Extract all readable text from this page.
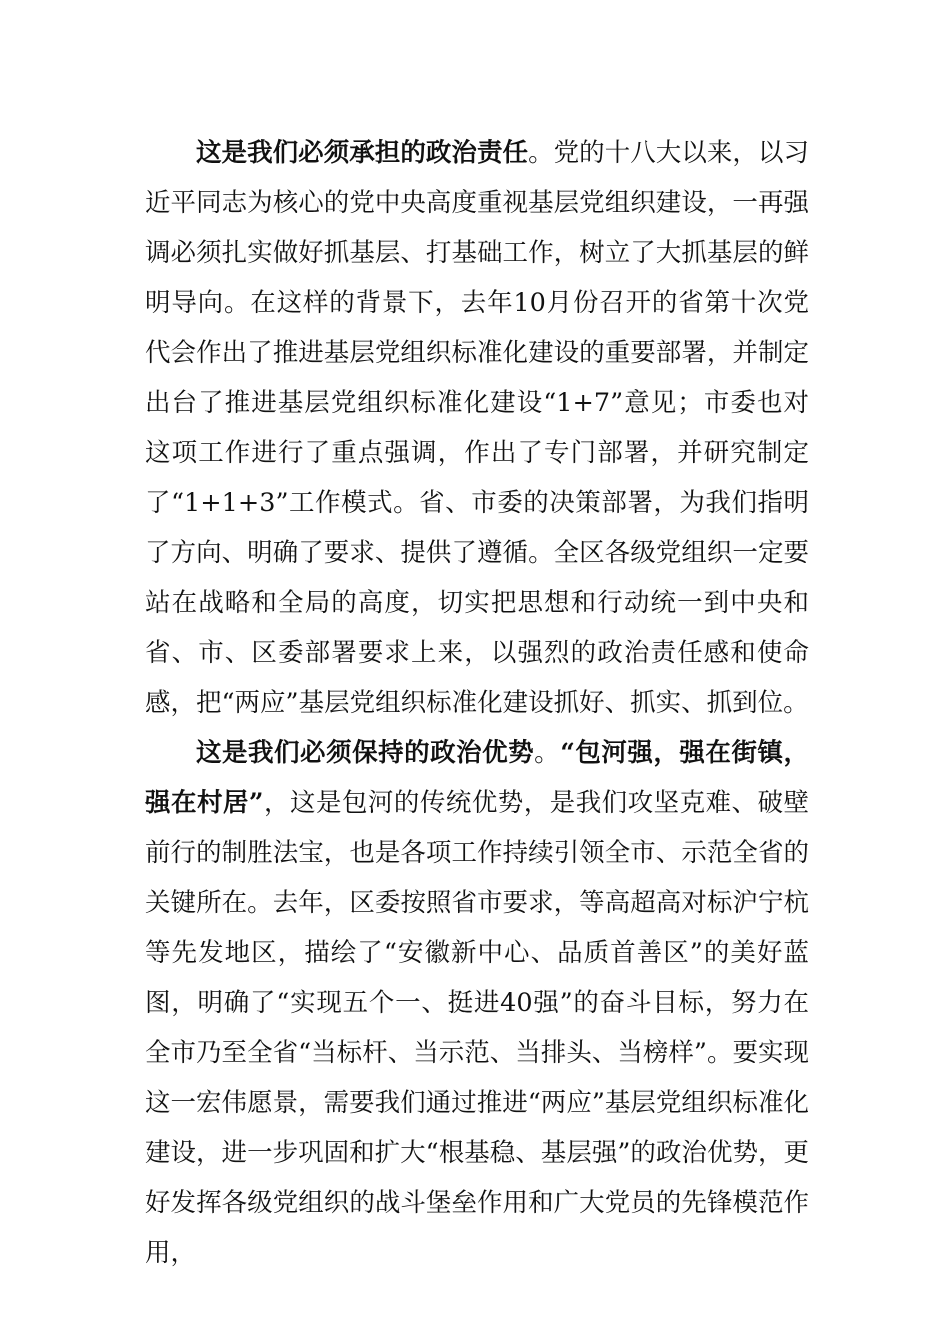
这是我们必须承担的政治责任。党的十八大以来，以习近平同志为核心的党中央高度重视基层党组织建设，一再强调必须扎实做好抓基层、打基础工作，树立了大抓基层的鲜明导向。在这样的背景下，去年10月份召开的省第十次党代会作出了推进基层党组织标准化建设的重要部署，并制定出台了推进基层党组织标准化建设“1+7”意见；市委也对这项工作进行了重点强调，作出了专门部署，并研究制定了“1+1+3”工作模式。省、市委的决策部署，为我们指明了方向、明确了要求、提供了遵循。全区各级党组织一定要站在战略和全局的高度，切实把思想和行动统一到中央和省、市、区委部署要求上来，以强烈的政治责任感和使命感，把“两应”基层党组织标准化建设抓好、抓实、抓到位。

这是我们必须保持的政治优势。“包河强，强在街镇，强在村居”，这是包河的传统优势，是我们攻坚克难、破壁前行的制胜法宝，也是各项工作持续引领全市、示范全省的关键所在。去年，区委按照省市要求，等高超高对标沪宁杭等先发地区，描绘了“安徽新中心、品质首善区”的美好蓝图，明确了“实现五个一、挺进40强”的奋斗目标，努力在全市乃至全省“当标杆、当示范、当排头、当榜样”。要实现这一宏伟愿景，需要我们通过推进“两应”基层党组织标准化建设，进一步巩固和扩大“根基稳、基层强”的政治优势，更好发挥各级党组织的战斗堡垒作用和广大党员的先锋模范作用，
